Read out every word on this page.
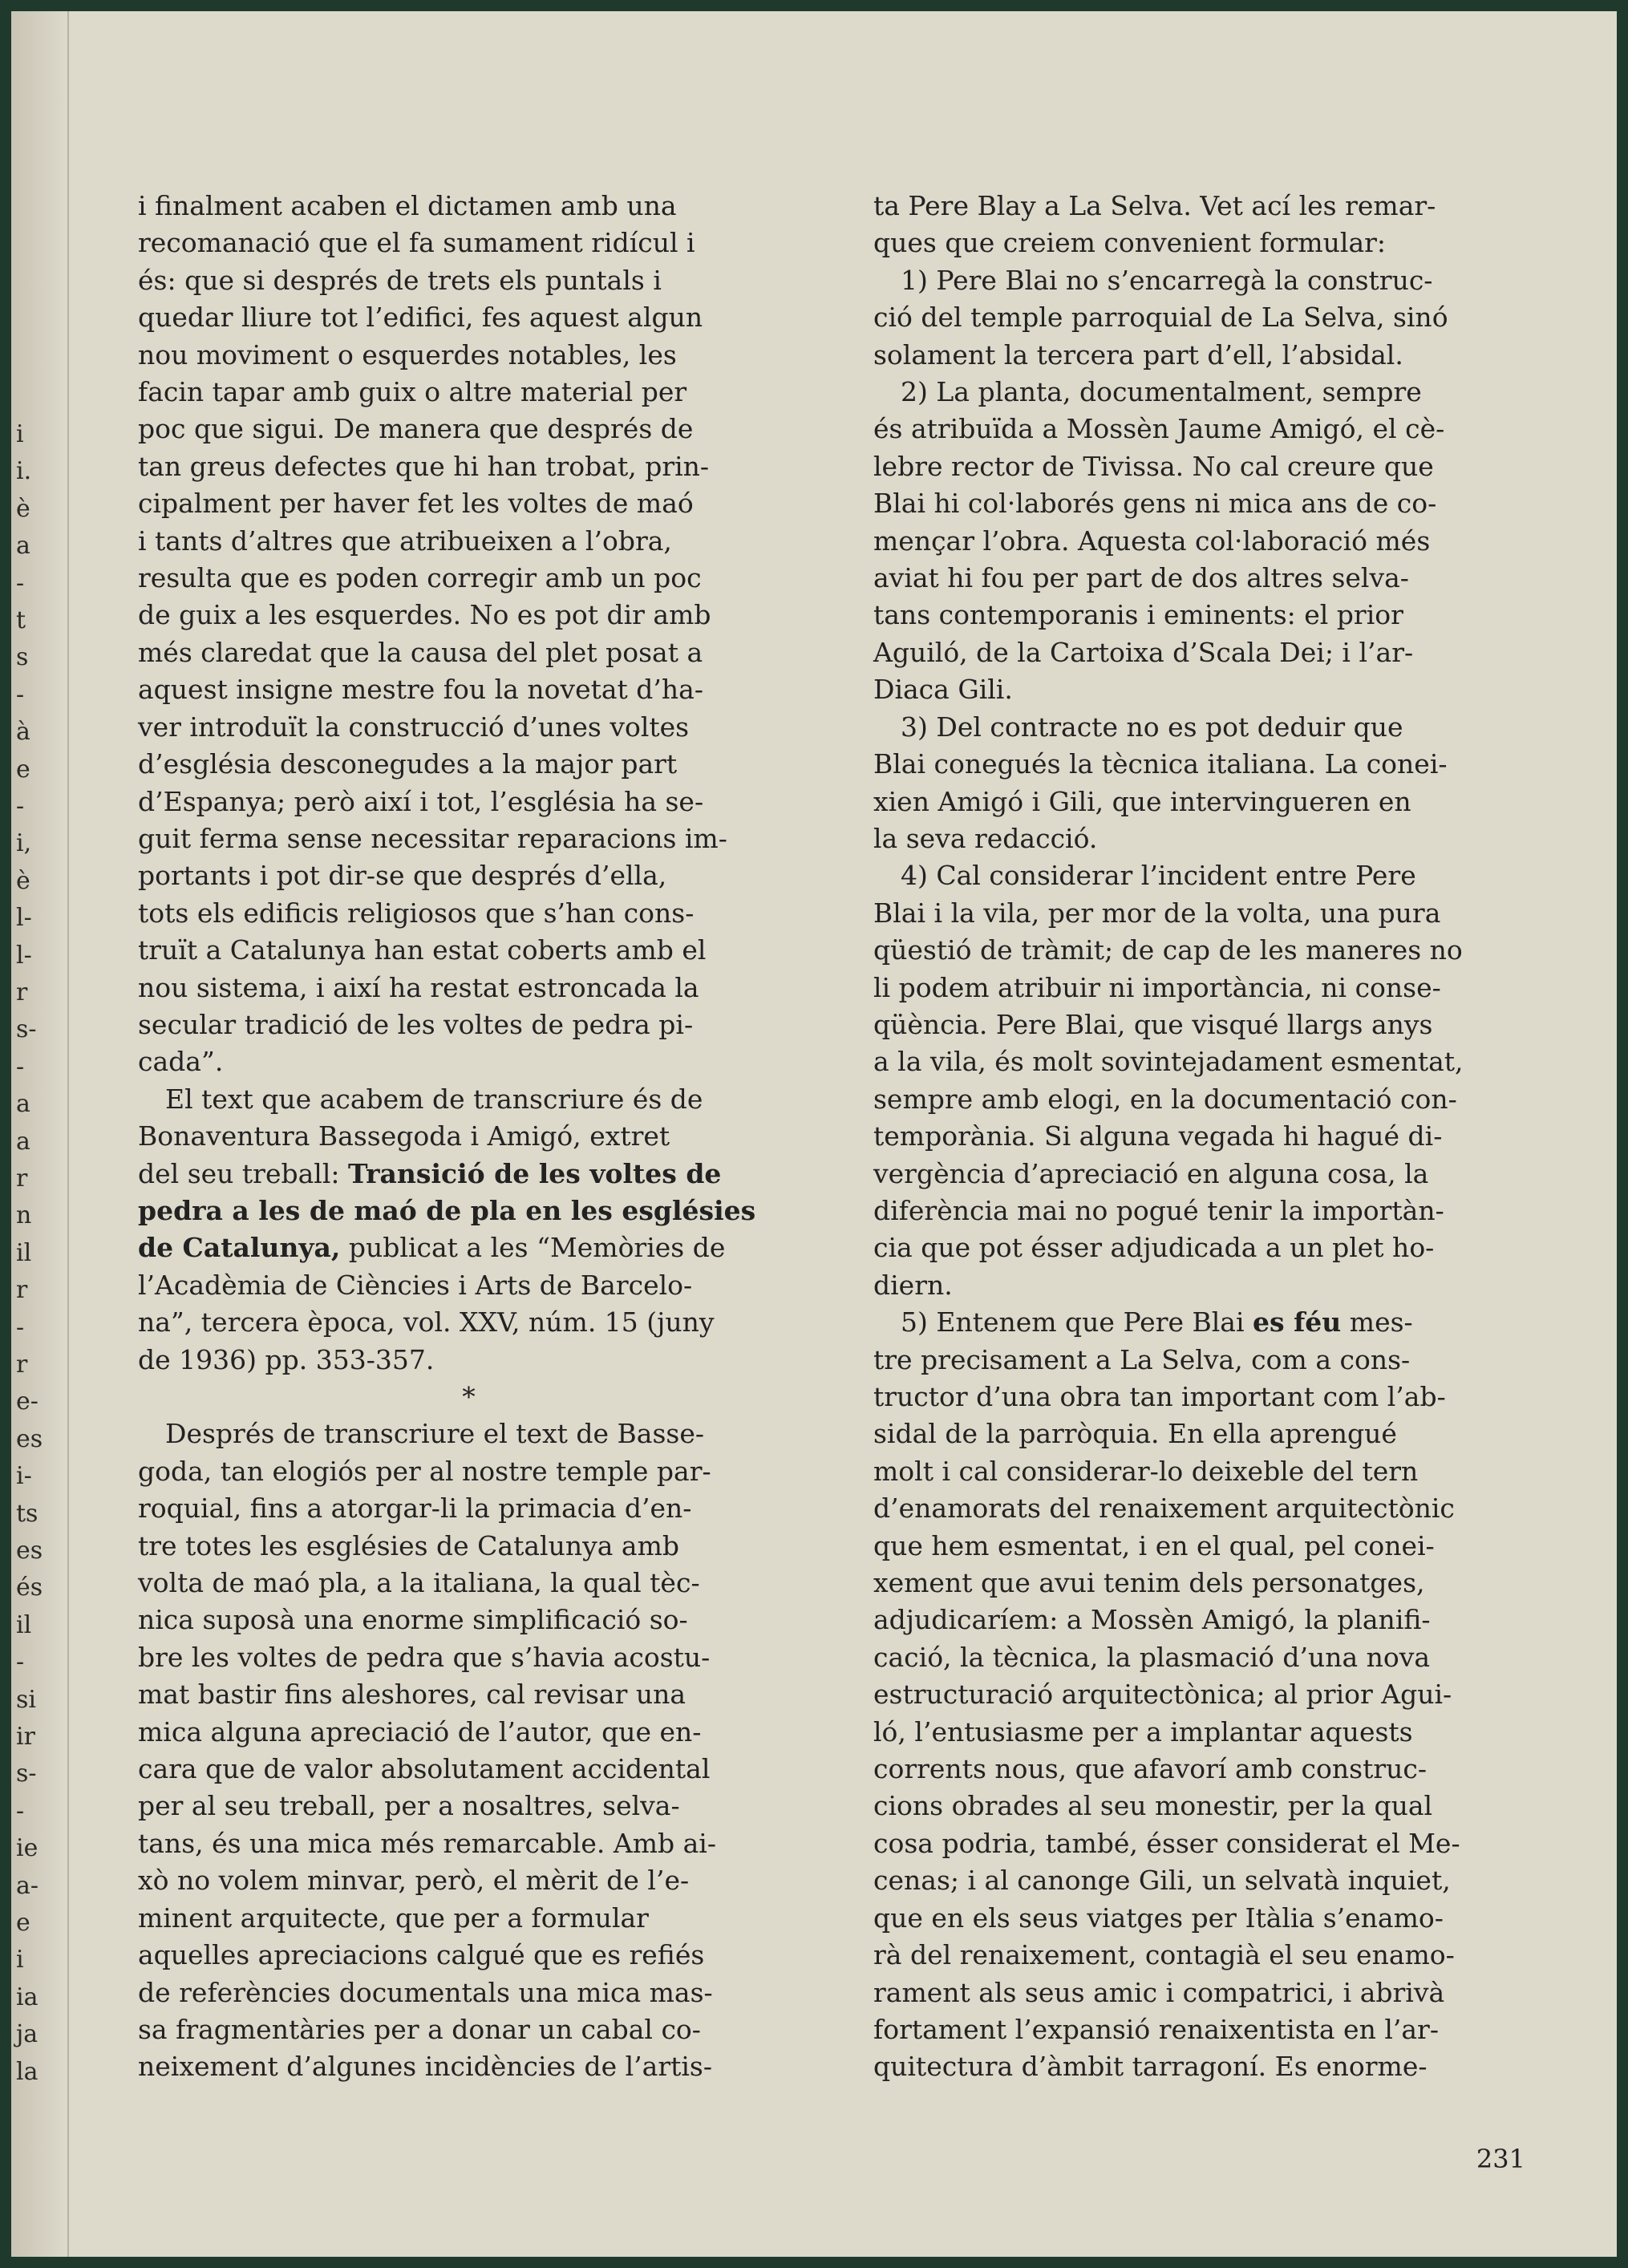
i
i.
è
a
-
t
s
-
à
e
-
i,
è
l-
l-
r
s-
-
a
a
r
n
il
r
-
r
e-
es
i-
ts
es
és
il
-
si
ir
s-
-
ie
a-
e
i
ia
ja
la

i finalment acaben el dictamen amb una
recomanació que el fa sumament ridícul i
és: que si després de trets els puntals i
quedar lliure tot l’edifici, fes aquest algun
nou moviment o esquerdes notables, les
facin tapar amb guix o altre material per
poc que sigui. De manera que després de
tan greus defectes que hi han trobat, prin-
cipalment per haver fet les voltes de maó
i tants d’altres que atribueixen a l’obra,
resulta que es poden corregir amb un poc
de guix a les esquerdes. No es pot dir amb
més claredat que la causa del plet posat a
aquest insigne mestre fou la novetat d’ha-
ver introduït la construcció d’unes voltes
d’església desconegudes a la major part
d’Espanya; però així i tot, l’església ha se-
guit ferma sense necessitar reparacions im-
portants i pot dir-se que després d’ella,
tots els edificis religiosos que s’han cons-
truït a Catalunya han estat coberts amb el
nou sistema, i així ha restat estroncada la
secular tradició de les voltes de pedra pi-
cada”.

El text que acabem de transcriure és de
Bonaventura Bassegoda i Amigó, extret
del seu treball: Transició de les voltes de
pedra a les de maó de pla en les esglésies
de Catalunya, publicat a les “Memòries de
l’Acadèmia de Ciències i Arts de Barcelo-
na”, tercera època, vol. XXV, núm. 15 (juny
de 1936) pp. 353-357.

*

Després de transcriure el text de Basse-
goda, tan elogiós per al nostre temple par-
roquial, fins a atorgar-li la primacia d’en-
tre totes les esglésies de Catalunya amb
volta de maó pla, a la italiana, la qual tèc-
nica suposà una enorme simplificació so-
bre les voltes de pedra que s’havia acostu-
mat bastir fins aleshores, cal revisar una
mica alguna apreciació de l’autor, que en-
cara que de valor absolutament accidental
per al seu treball, per a nosaltres, selva-
tans, és una mica més remarcable. Amb ai-
xò no volem minvar, però, el mèrit de l’e-
minent arquitecte, que per a formular
aquelles apreciacions calgué que es refiés
de referències documentals una mica mas-
sa fragmentàries per a donar un cabal co-
neixement d’algunes incidències de l’artis-

ta Pere Blay a La Selva. Vet ací les remar-
ques que creiem convenient formular:

1) Pere Blai no s’encarregà la construc-
ció del temple parroquial de La Selva, sinó
solament la tercera part d’ell, l’absidal.

2) La planta, documentalment, sempre
és atribuïda a Mossèn Jaume Amigó, el cè-
lebre rector de Tivissa. No cal creure que
Blai hi col·laborés gens ni mica ans de co-
mençar l’obra. Aquesta col·laboració més
aviat hi fou per part de dos altres selva-
tans contemporanis i eminents: el prior
Aguiló, de la Cartoixa d’Scala Dei; i l’ar-
Diaca Gili.

3) Del contracte no es pot deduir que
Blai conegués la tècnica italiana. La conei-
xien Amigó i Gili, que intervingueren en
la seva redacció.

4) Cal considerar l’incident entre Pere
Blai i la vila, per mor de la volta, una pura
qüestió de tràmit; de cap de les maneres no
li podem atribuir ni importància, ni conse-
qüència. Pere Blai, que visqué llargs anys
a la vila, és molt sovintejadament esmentat,
sempre amb elogi, en la documentació con-
temporània. Si alguna vegada hi hagué di-
vergència d’apreciació en alguna cosa, la
diferència mai no pogué tenir la importàn-
cia que pot ésser adjudicada a un plet ho-
diern.

5) Entenem que Pere Blai es féu mes-
tre precisament a La Selva, com a cons-
tructor d’una obra tan important com l’ab-
sidal de la parròquia. En ella aprengué
molt i cal considerar-lo deixeble del tern
d’enamorats del renaixement arquitectònic
que hem esmentat, i en el qual, pel conei-
xement que avui tenim dels personatges,
adjudicaríem: a Mossèn Amigó, la planifi-
cació, la tècnica, la plasmació d’una nova
estructuració arquitectònica; al prior Agui-
ló, l’entusiasme per a implantar aquests
corrents nous, que afavorí amb construc-
cions obrades al seu monestir, per la qual
cosa podria, també, ésser considerat el Me-
cenas; i al canonge Gili, un selvatà inquiet,
que en els seus viatges per Itàlia s’enamo-
rà del renaixement, contagià el seu enamo-
rament als seus amic i compatrici, i abrivà
fortament l’expansió renaixentista en l’ar-
quitectura d’àmbit tarragoní. Es enorme-

231
